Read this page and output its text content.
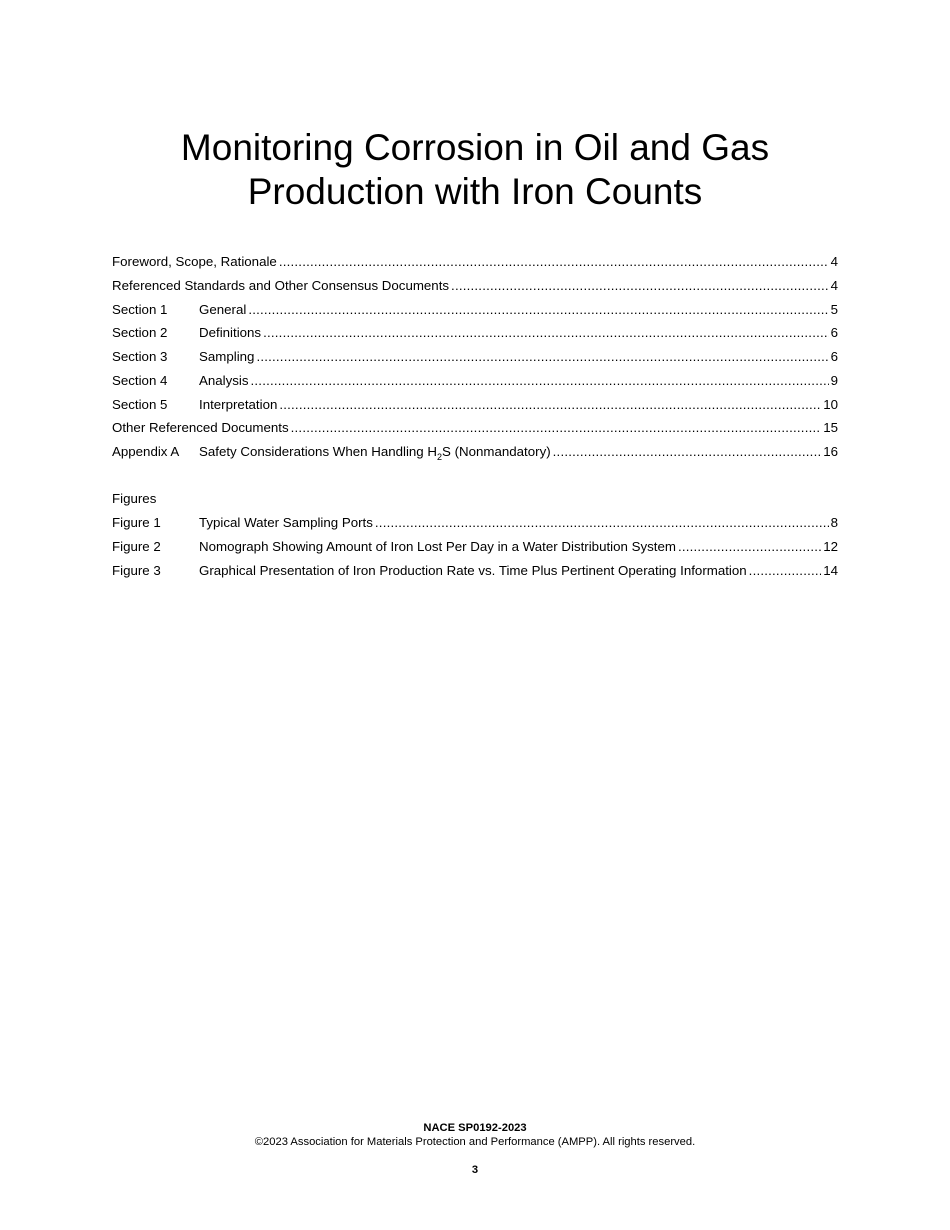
Monitoring Corrosion in Oil and Gas
Production with Iron Counts
Foreword, Scope, Rationale .....	4
Referenced Standards and Other Consensus Documents .....	4
Section 1	General .....	5
Section 2	Definitions .....	6
Section 3	Sampling .....	6
Section 4	Analysis .....	9
Section 5	Interpretation .....	10
Other Referenced Documents .....	15
Appendix A	Safety Considerations When Handling $H_2S$ (Nonmandatory) .....	16
Figures
Figure 1	Typical Water Sampling Ports .....	8
Figure 2	Nomograph Showing Amount of Iron Lost Per Day in a Water Distribution System .....	12
Figure 3	Graphical Presentation of Iron Production Rate vs. Time Plus Pertinent Operating Information .....	14
NACE SP0192-2023
©2023 Association for Materials Protection and Performance (AMPP). All rights reserved.
3
